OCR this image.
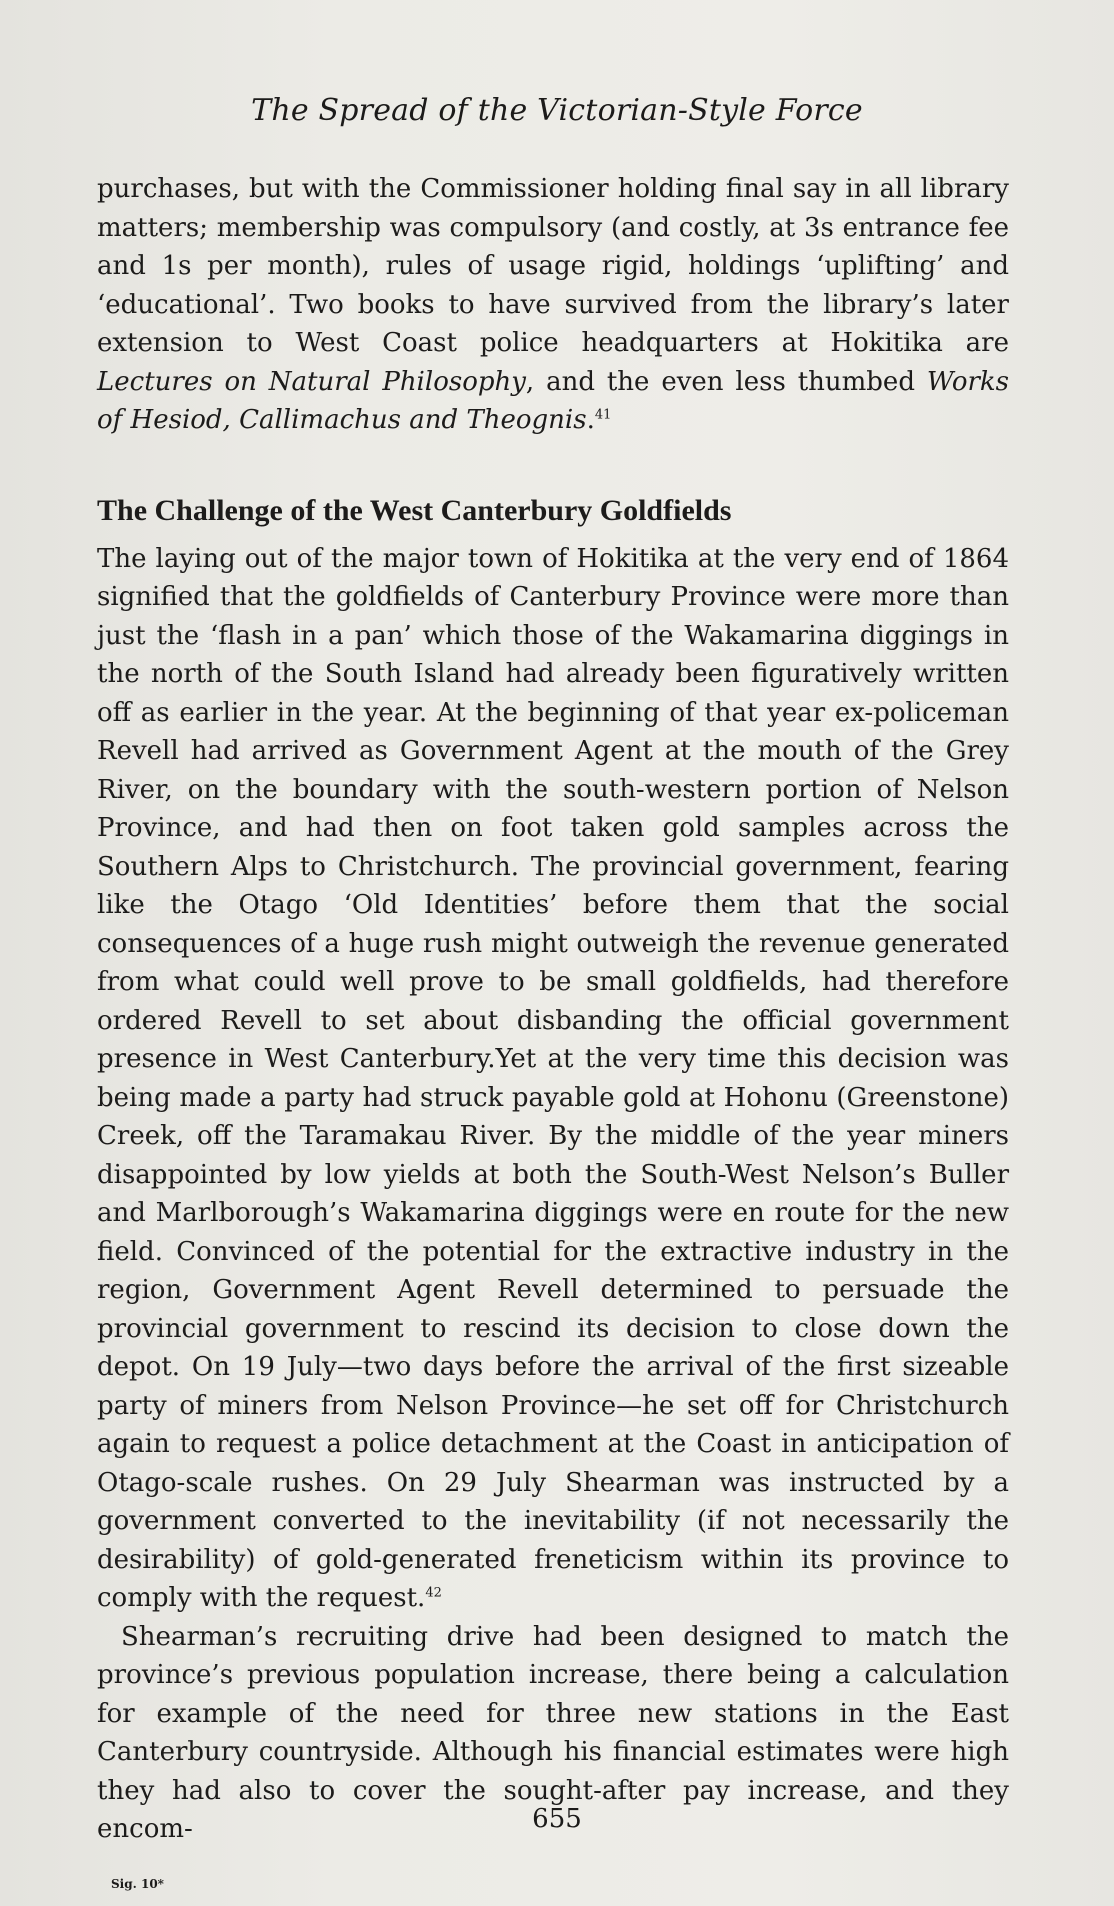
The Spread of the Victorian-Style Force

purchases, but with the Commissioner holding final say in all library matters; membership was compulsory (and costly, at 3s entrance fee and 1s per month), rules of usage rigid, holdings ‘uplifting’ and ‘educational’. Two books to have survived from the library’s later extension to West Coast police headquarters at Hokitika are Lectures on Natural Philosophy, and the even less thumbed Works of Hesiod, Callimachus and Theognis.$^{41}$

The Challenge of the West Canterbury Goldfields

The laying out of the major town of Hokitika at the very end of 1864 signified that the goldfields of Canterbury Province were more than just the ‘flash in a pan’ which those of the Wakamarina diggings in the north of the South Island had already been figuratively written off as earlier in the year. At the beginning of that year ex-policeman Revell had arrived as Government Agent at the mouth of the Grey River, on the boundary with the south-western portion of Nelson Province, and had then on foot taken gold samples across the Southern Alps to Christchurch. The provincial government, fearing like the Otago ‘Old Identities’ before them that the social consequences of a huge rush might outweigh the revenue generated from what could well prove to be small goldfields, had therefore ordered Revell to set about disbanding the official government presence in West Canterbury.Yet at the very time this decision was being made a party had struck payable gold at Hohonu (Greenstone) Creek, off the Taramakau River. By the middle of the year miners disappointed by low yields at both the South-West Nelson’s Buller and Marlborough’s Wakamarina diggings were en route for the new field. Convinced of the potential for the extractive industry in the region, Government Agent Revell determined to persuade the provincial government to rescind its decision to close down the depot. On 19 July—two days before the arrival of the first sizeable party of miners from Nelson Province—he set off for Christchurch again to request a police detachment at the Coast in anticipation of Otago-scale rushes. On 29 July Shearman was instructed by a government converted to the inevitability (if not necessarily the desirability) of gold-generated freneticism within its province to comply with the request.$^{42}$

Shearman’s recruiting drive had been designed to match the province’s previous population increase, there being a calculation for example of the need for three new stations in the East Canterbury countryside. Although his financial estimates were high they had also to cover the sought-after pay increase, and they encom-	655
Sig. 10*
